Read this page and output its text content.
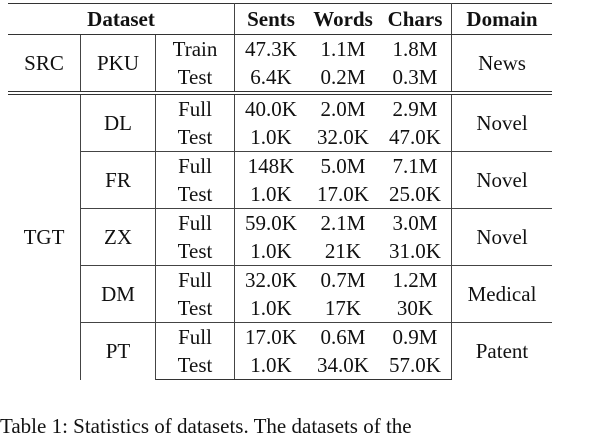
Dataset			Sents	Words	Chars	Domain
SRC	PKU	Train	47.3K	1.1M	1.8M	News
		Test	6.4K	0.2M	0.3M	
TGT	DL	Full	40.0K	2.0M	2.9M	Novel
		Test	1.0K	32.0K	47.0K	
	FR	Full	148K	5.0M	7.1M	Novel
		Test	1.0K	17.0K	25.0K	
	ZX	Full	59.0K	2.1M	3.0M	Novel
		Test	1.0K	21K	31.0K	
	DM	Full	32.0K	0.7M	1.2M	Medical
		Test	1.0K	17K	30K	
	PT	Full	17.0K	0.6M	0.9M	Patent
		Test	1.0K	34.0K	57.0K	
Table 1: Statistics of datasets. The datasets of the
